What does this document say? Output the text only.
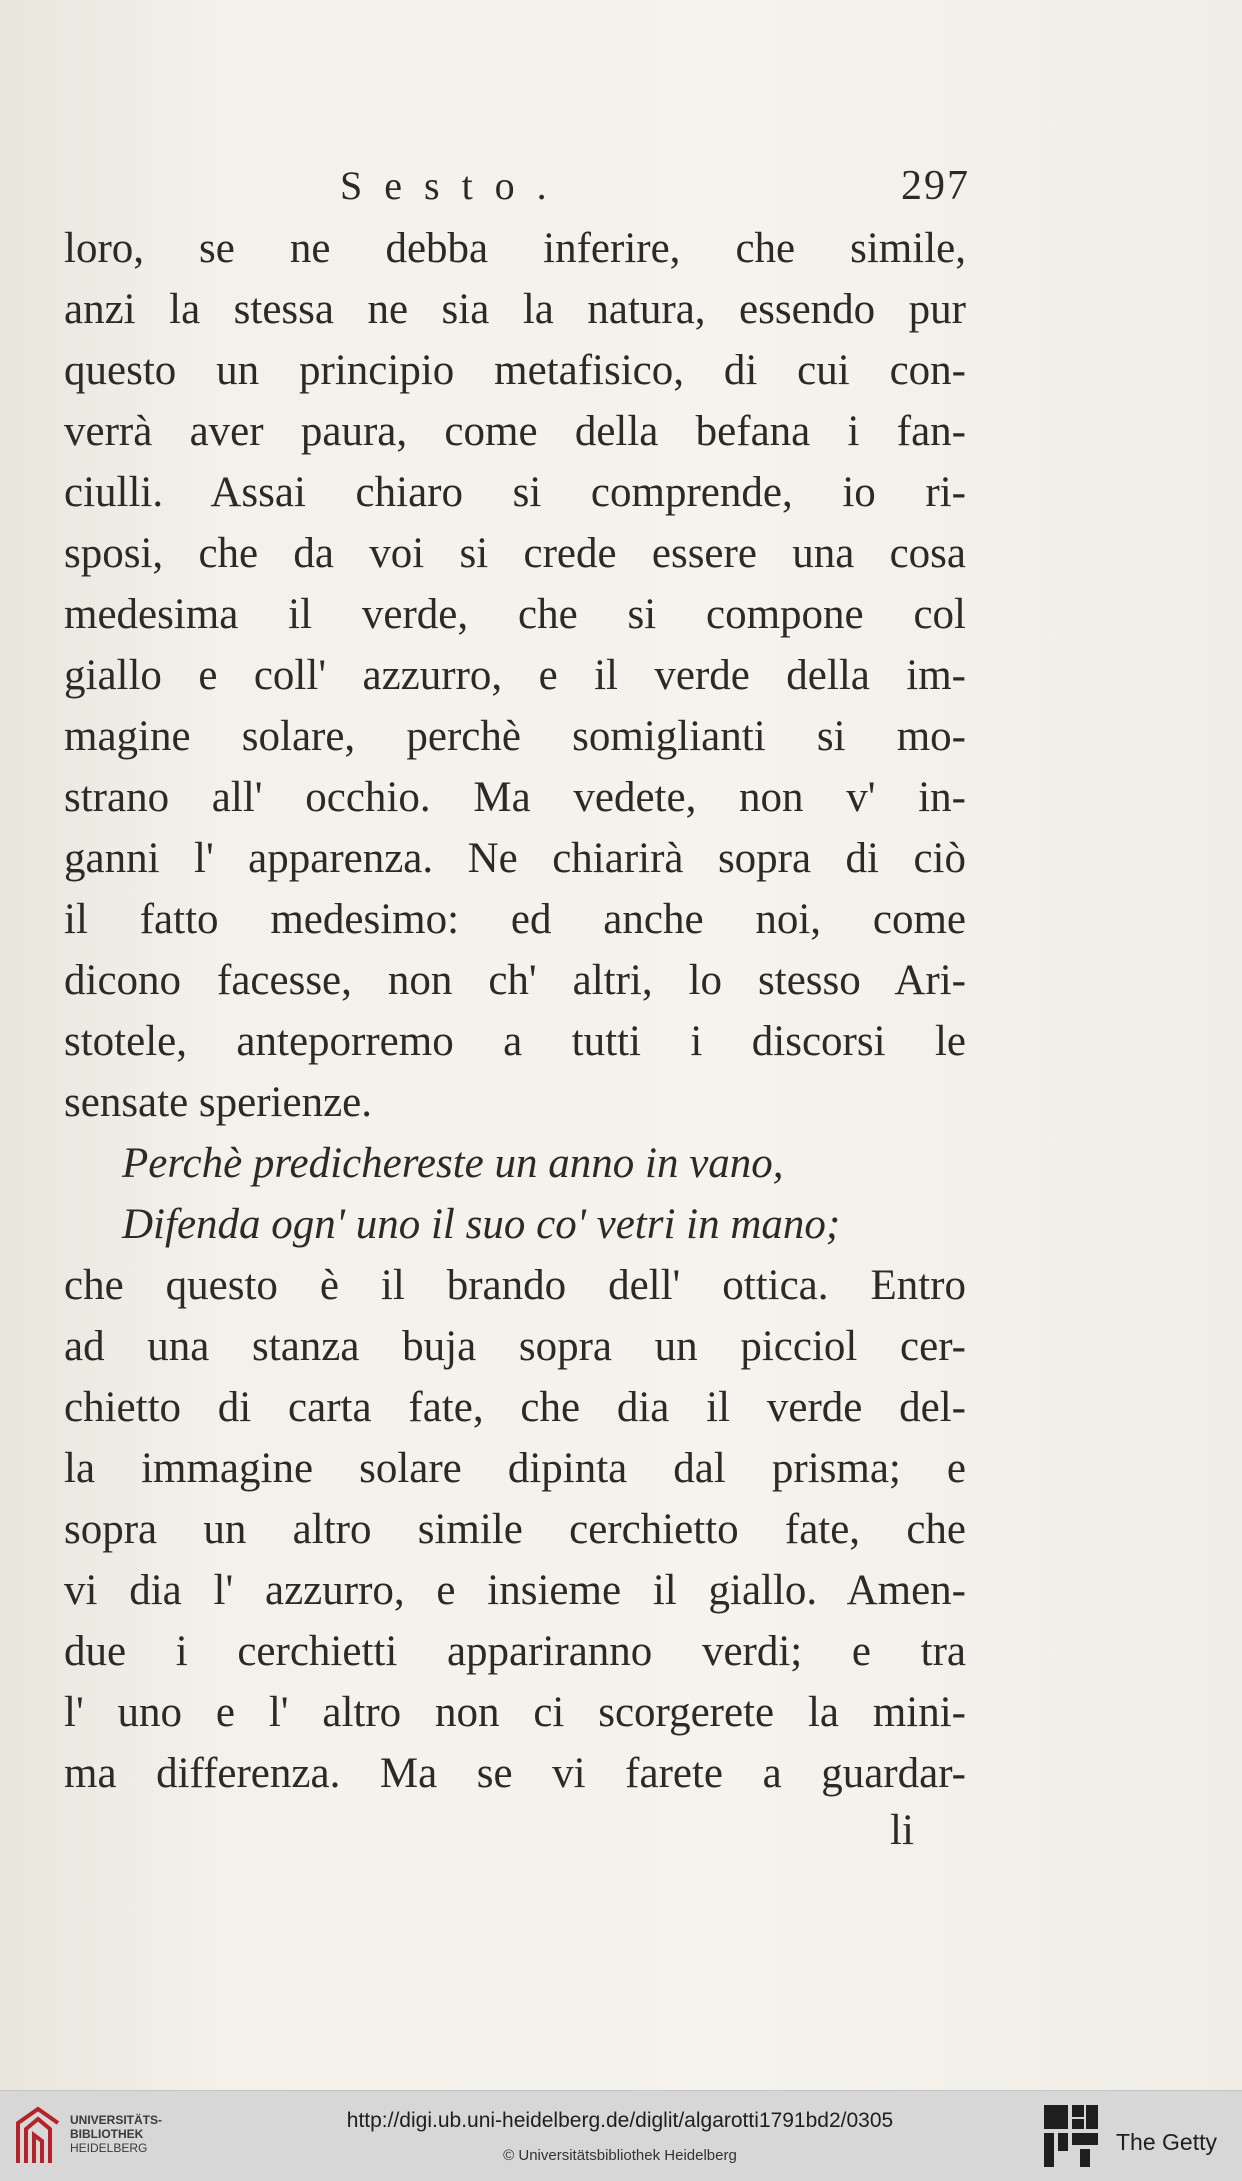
Sesto.	297
loro, se ne debba inferire, che simile,
anzi la stessa ne sia la natura, essendo pur
questo un principio metafisico, di cui con-
verrà aver paura, come della befana i fan-
ciulli. Assai chiaro si comprende, io ri-
sposi, che da voi si crede essere una cosa
medesima il verde, che si compone col
giallo e coll' azzurro, e il verde della im-
magine solare, perchè somiglianti si mo-
strano all' occhio. Ma vedete, non v' in-
ganni l' apparenza. Ne chiarirà sopra di ciò
il fatto medesimo: ed anche noi, come
dicono facesse, non ch' altri, lo stesso Ari-
stotele, anteporremo a tutti i discorsi le
sensate sperienze.
Perchè predichereste un anno in vano,
Difenda ogn' uno il suo co' vetri in mano;
che questo è il brando dell' ottica. Entro
ad una stanza buja sopra un picciol cer-
chietto di carta fate, che dia il verde del-
la immagine solare dipinta dal prisma; e
sopra un altro simile cerchietto fate, che
vi dia l' azzurro, e insieme il giallo. Amen-
due i cerchietti appariranno verdi; e tra
l' uno e l' altro non ci scorgerete la mini-
ma differenza. Ma se vi farete a guardar-
li
UNIVERSITÄTS-
BIBLIOTHEK
HEIDELBERG
http://digi.ub.uni-heidelberg.de/diglit/algarotti1791bd2/0305
© Universitätsbibliothek Heidelberg
The Getty
